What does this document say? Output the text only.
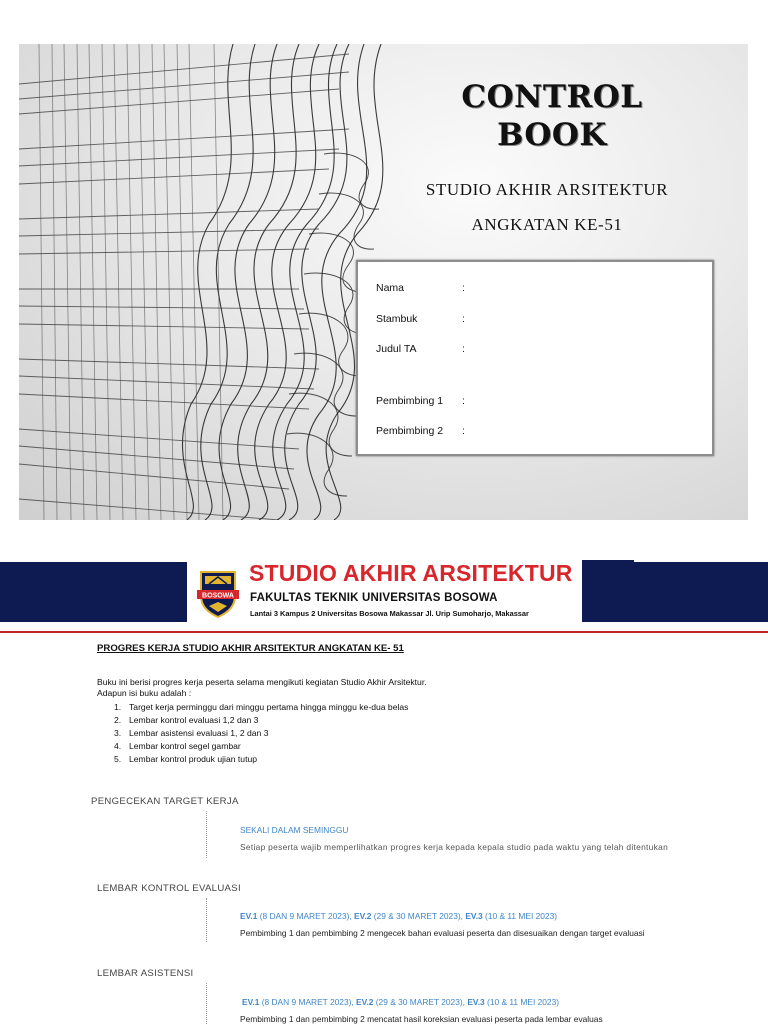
CONTROL
BOOK
STUDIO AKHIR ARSITEKTUR
ANGKATAN KE-51
Nama	:
Stambuk	:
Judul TA	:
Pembimbing 1 :
Pembimbing 2 :
BOSOWA
STUDIO AKHIR ARSITEKTUR
FAKULTAS TEKNIK UNIVERSITAS BOSOWA
Lantai 3 Kampus 2 Universitas Bosowa Makassar Jl. Urip Sumoharjo, Makassar
PROGRES KERJA STUDIO AKHIR ARSITEKTUR ANGKATAN KE- 51
Buku ini berisi progres kerja peserta selama mengikuti kegiatan Studio Akhir Arsitektur.
Adapun isi buku adalah :
1. Target kerja perminggu dari minggu pertama hingga minggu ke-dua belas
2. Lembar kontrol evaluasi 1,2 dan 3
3. Lembar asistensi evaluasi 1, 2 dan 3
4. Lembar kontrol segel gambar
5. Lembar kontrol produk ujian tutup
PENGECEKAN TARGET KERJA
SEKALI DALAM SEMINGGU
Setiap peserta wajib memperlihatkan progres kerja kepada kepala studio pada waktu yang telah ditentukan
LEMBAR KONTROL EVALUASI
EV.1 (8 DAN 9 MARET 2023), EV.2 (29 & 30 MARET 2023), EV.3 (10 & 11 MEI 2023)
Pembimbing 1 dan pembimbing 2 mengecek bahan evaluasi peserta dan disesuaikan dengan target evaluasi
LEMBAR ASISTENSI
EV.1 (8 DAN 9 MARET 2023), EV.2 (29 & 30 MARET 2023), EV.3 (10 & 11 MEI 2023)
Pembimbing 1 dan pembimbing 2 mencatat hasil koreksian evaluasi peserta pada lembar evaluas
